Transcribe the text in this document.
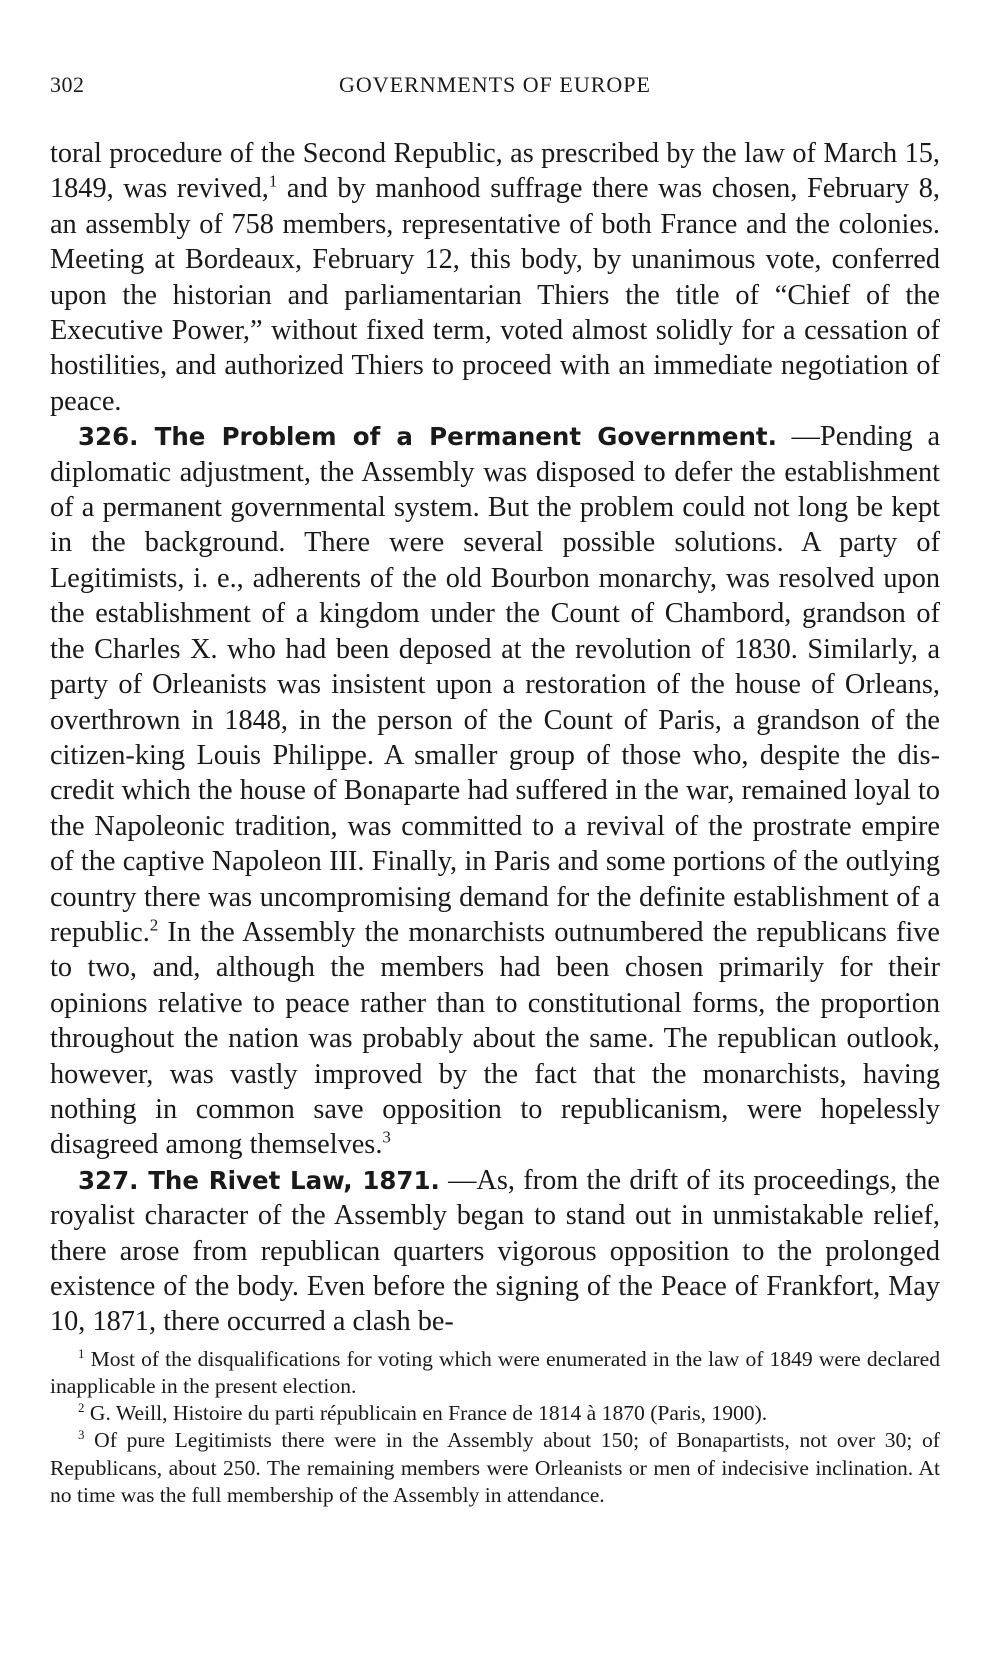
302	GOVERNMENTS OF EUROPE

toral procedure of the Second Republic, as prescribed by the law of March 15, 1849, was revived,$^1$ and by manhood suffrage there was chosen, February 8, an assembly of 758 members, representative of both France and the colonies. Meeting at Bordeaux, February 12, this body, by unanimous vote, conferred upon the historian and parliamentarian Thiers the title of “Chief of the Executive Power,” without fixed term, voted almost solidly for a cessation of hostilities, and authorized Thiers to proceed with an immediate negotiation of peace.

326. The Problem of a Permanent Government. —Pending a diplomatic adjustment, the Assembly was disposed to defer the establishment of a permanent governmental system. But the problem could not long be kept in the background. There were several possible solutions. A party of Legitimists, i. e., adherents of the old Bourbon monarchy, was resolved upon the establishment of a kingdom under the Count of Chambord, grandson of the Charles X. who had been deposed at the revolution of 1830. Similarly, a party of Orleanists was insistent upon a restoration of the house of Orleans, overthrown in 1848, in the person of the Count of Paris, a grandson of the citizen-king Louis Philippe. A smaller group of those who, despite the discredit which the house of Bonaparte had suffered in the war, remained loyal to the Napoleonic tradition, was committed to a revival of the prostrate empire of the captive Napoleon III. Finally, in Paris and some portions of the outlying country there was uncompromising demand for the definite establishment of a republic.$^2$ In the Assembly the monarchists outnumbered the republicans five to two, and, although the members had been chosen primarily for their opinions relative to peace rather than to constitutional forms, the proportion throughout the nation was probably about the same. The republican outlook, however, was vastly improved by the fact that the monarchists, having nothing in common save opposition to republicanism, were hopelessly disagreed among themselves.$^3$

327. The Rivet Law, 1871. —As, from the drift of its proceedings, the royalist character of the Assembly began to stand out in unmistakable relief, there arose from republican quarters vigorous opposition to the prolonged existence of the body. Even before the signing of the Peace of Frankfort, May 10, 1871, there occurred a clash be-

$^1$ Most of the disqualifications for voting which were enumerated in the law of 1849 were declared inapplicable in the present election.

$^2$ G. Weill, Histoire du parti républicain en France de 1814 à 1870 (Paris, 1900).

$^3$ Of pure Legitimists there were in the Assembly about 150; of Bonapartists, not over 30; of Republicans, about 250. The remaining members were Orleanists or men of indecisive inclination. At no time was the full membership of the Assembly in attendance.
